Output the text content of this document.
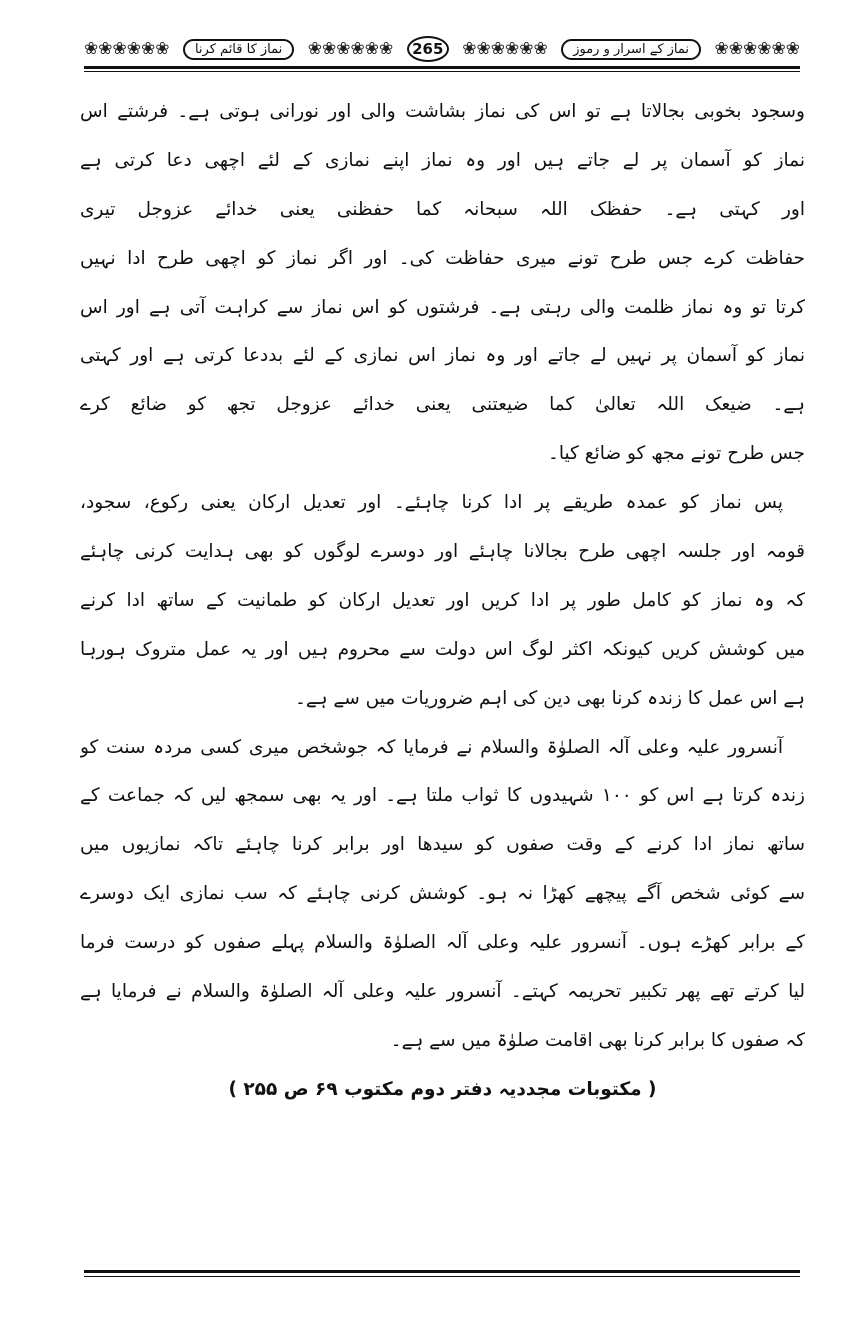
❀❀❀❀❀❀	نماز کا قائم کرنا	❀❀❀❀❀❀	265	❀❀❀❀❀❀	نماز کے اسرار و رموز	❀❀❀❀❀❀
وسجود بخوبی بجالاتا ہے تو اس کی نماز بشاشت والی اور نورانی ہوتی ہے۔ فرشتے اس
نماز کو آسمان پر لے جاتے ہیں اور وہ نماز اپنے نمازی کے لئے اچھی دعا کرتی ہے
اور کہتی ہے۔ حفظک اللہ سبحانہ کما حفظنی یعنی خدائے عزوجل تیری
حفاظت کرے جس طرح تونے میری حفاظت کی۔ اور اگر نماز کو اچھی طرح ادا نہیں
کرتا تو وہ نماز ظلمت والی رہتی ہے۔ فرشتوں کو اس نماز سے کراہت آتی ہے اور اس
نماز کو آسمان پر نہیں لے جاتے اور وہ نماز اس نمازی کے لئے بددعا کرتی ہے اور کہتی
ہے۔ ضیعک اللہ تعالیٰ کما ضیعتنی یعنی خدائے عزوجل تجھ کو ضائع کرے
جس طرح تونے مجھ کو ضائع کیا۔
پس نماز کو عمدہ طریقے پر ادا کرنا چاہئے۔ اور تعدیل ارکان یعنی رکوع، سجود،
قومہ اور جلسہ اچھی طرح بجالانا چاہئے اور دوسرے لوگوں کو بھی ہدایت کرنی چاہئے
کہ وہ نماز کو کامل طور پر ادا کریں اور تعدیل ارکان کو طمانیت کے ساتھ ادا کرنے
میں کوشش کریں کیونکہ اکثر لوگ اس دولت سے محروم ہیں اور یہ عمل متروک ہورہا
ہے اس عمل کا زندہ کرنا بھی دین کی اہم ضروریات میں سے ہے۔
آنسرور علیہ وعلی آلہ الصلوٰۃ والسلام نے فرمایا کہ جوشخص میری کسی مردہ سنت کو
زندہ کرتا ہے اس کو ۱۰۰ شہیدوں کا ثواب ملتا ہے۔ اور یہ بھی سمجھ لیں کہ جماعت کے
ساتھ نماز ادا کرنے کے وقت صفوں کو سیدھا اور برابر کرنا چاہئے تاکہ نمازیوں میں
سے کوئی شخص آگے پیچھے کھڑا نہ ہو۔ کوشش کرنی چاہئے کہ سب نمازی ایک دوسرے
کے برابر کھڑے ہوں۔ آنسرور علیہ وعلی آلہ الصلوٰۃ والسلام پہلے صفوں کو درست فرما
لیا کرتے تھے پھر تکبیر تحریمہ کہتے۔ آنسرور علیہ وعلی آلہ الصلوٰۃ والسلام نے فرمایا ہے
کہ صفوں کا برابر کرنا بھی اقامت صلوٰۃ میں سے ہے۔
( مکتوبات مجددیہ دفتر دوم مکتوب ۶۹ ص ۲۵۵ )
